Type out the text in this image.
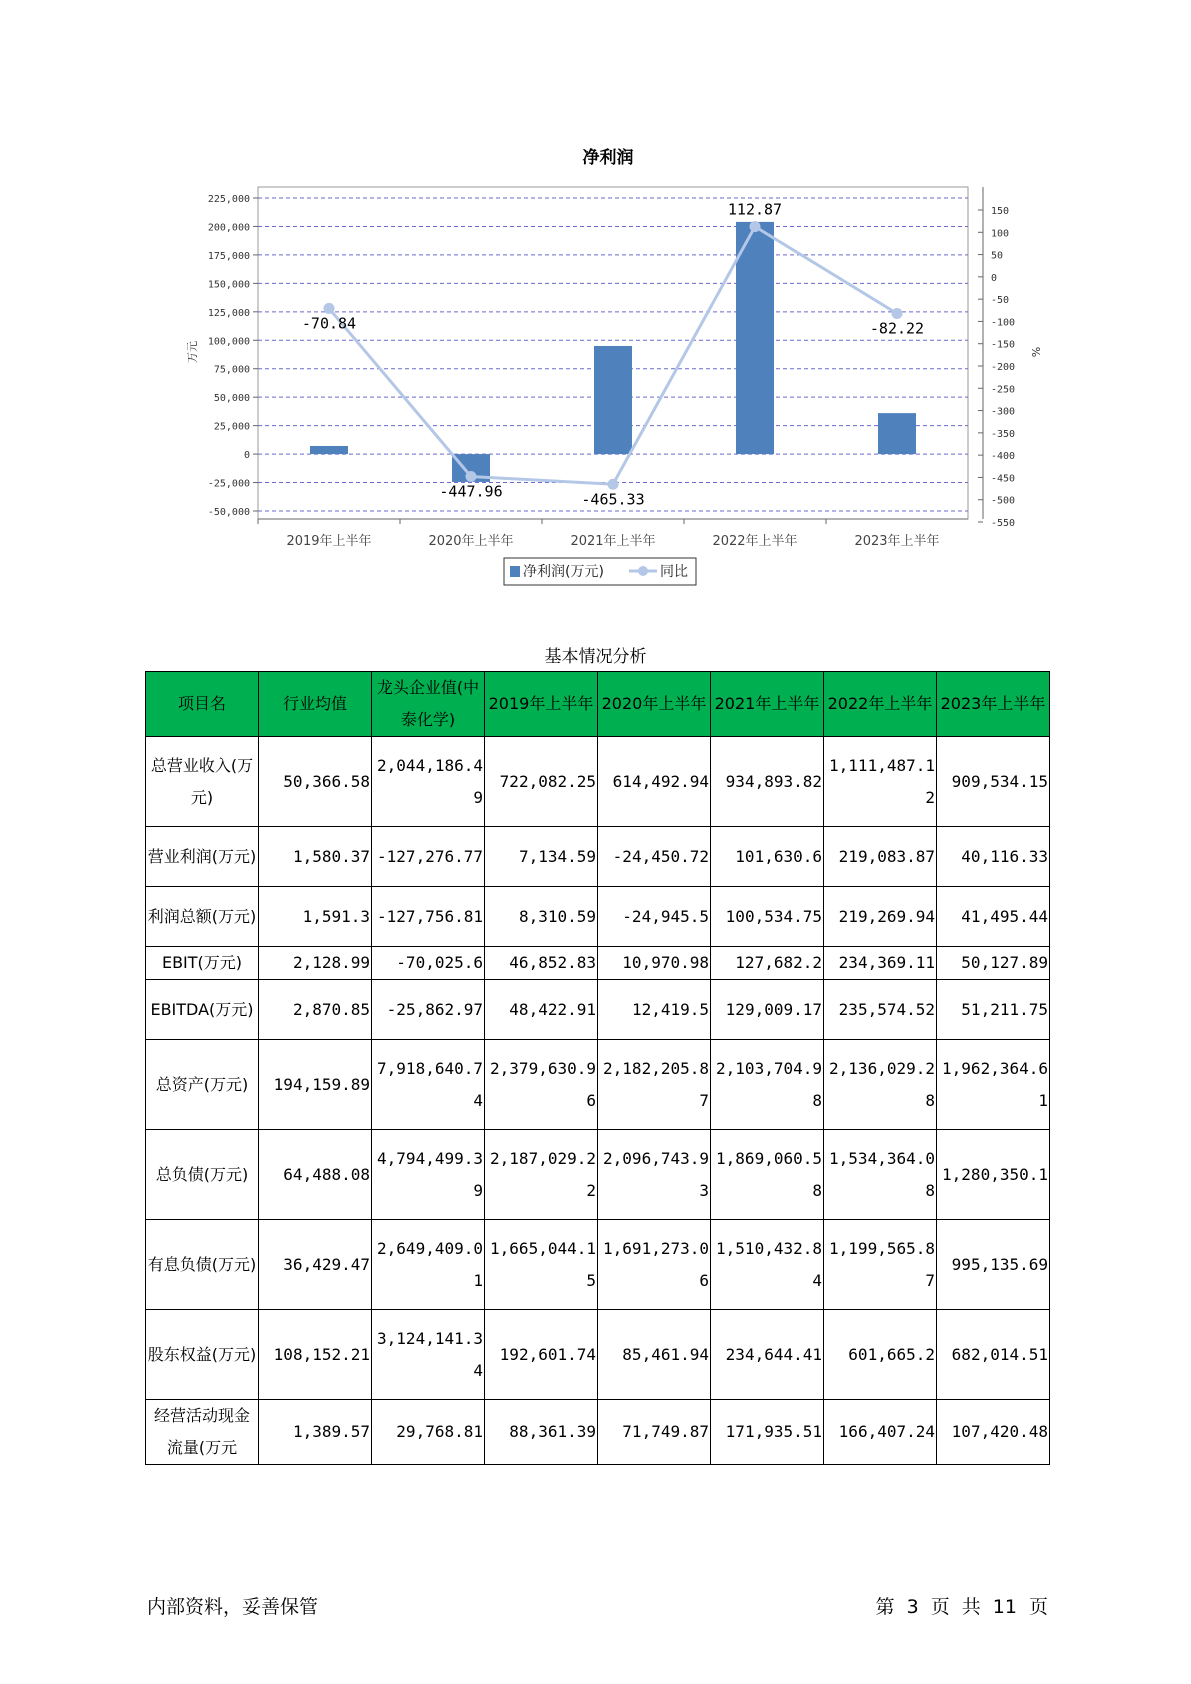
净利润
225,000
200,000
175,000
150,000
125,000
100,000
75,000
50,000
25,000
0
-25,000
-50,000
150
100
50
0
-50
-100
-150
-200
-250
-300
-350
-400
-450
-500
-550
万元	%
2019年上半年	2020年上半年	2021年上半年	2022年上半年	2023年上半年
-70.84
-447.96	-465.33
112.87
-82.22
净利润(万元)	同比
基本情况分析
项目名	行业均值	龙头企业值(中泰化学)	2019年上半年	2020年上半年	2021年上半年	2022年上半年	2023年上半年
总营业收入(万元)	50,366.58	2,044,186.49	722,082.25	614,492.94	934,893.82	1,111,487.12	909,534.15
营业利润(万元)	1,580.37	-127,276.77	7,134.59	-24,450.72	101,630.6	219,083.87	40,116.33
利润总额(万元)	1,591.3	-127,756.81	8,310.59	-24,945.5	100,534.75	219,269.94	41,495.44
EBIT(万元)	2,128.99	-70,025.6	46,852.83	10,970.98	127,682.2	234,369.11	50,127.89
EBITDA(万元)	2,870.85	-25,862.97	48,422.91	12,419.5	129,009.17	235,574.52	51,211.75
总资产(万元)	194,159.89	7,918,640.74	2,379,630.96	2,182,205.87	2,103,704.98	2,136,029.28	1,962,364.61
总负债(万元)	64,488.08	4,794,499.39	2,187,029.22	2,096,743.93	1,869,060.58	1,534,364.08	1,280,350.1
有息负债(万元)	36,429.47	2,649,409.01	1,665,044.15	1,691,273.06	1,510,432.84	1,199,565.87	995,135.69
股东权益(万元)	108,152.21	3,124,141.34	192,601.74	85,461.94	234,644.41	601,665.2	682,014.51
经营活动现金流量(万元	1,389.57	29,768.81	88,361.39	71,749.87	171,935.51	166,407.24	107,420.48
内部资料，妥善保管	第 3 页 共 11 页
